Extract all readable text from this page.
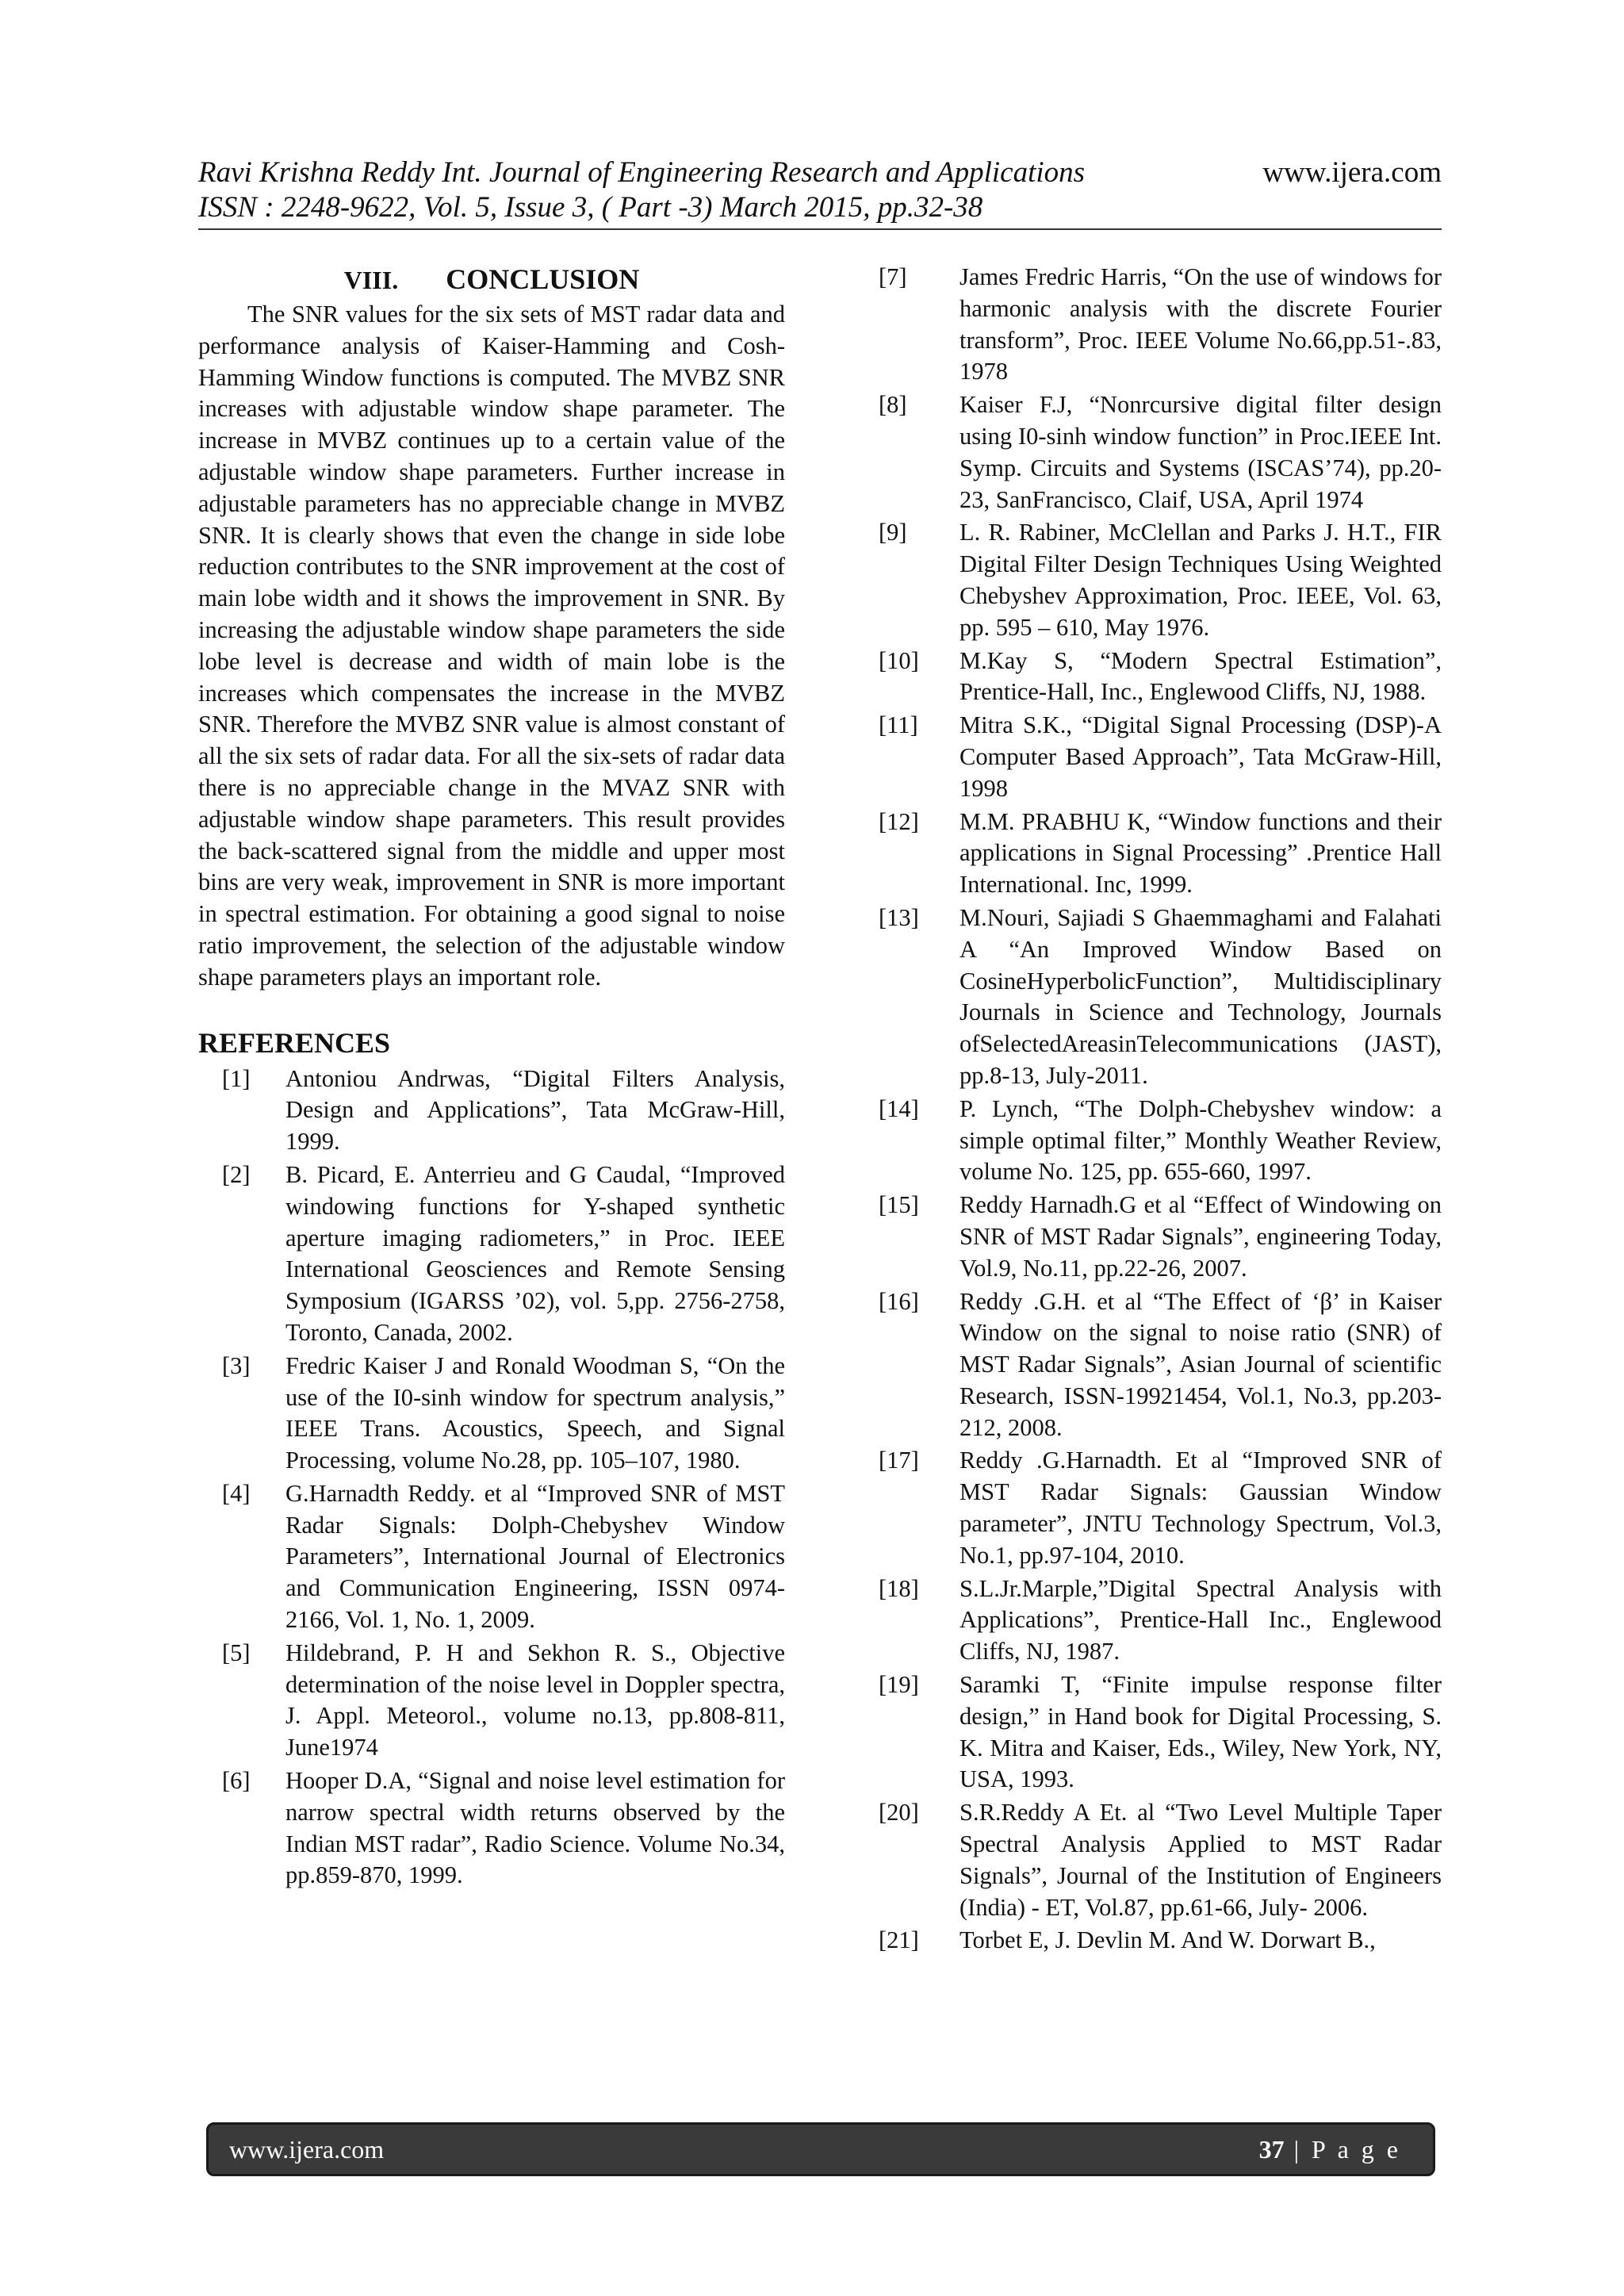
Ravi Krishna Reddy Int. Journal of Engineering Research and Applications	www.ijera.com
ISSN : 2248-9622, Vol. 5, Issue 3, ( Part -3) March 2015, pp.32-38
VIII. CONCLUSION

The SNR values for the six sets of MST radar data and performance analysis of Kaiser-Hamming and Cosh-Hamming Window functions is computed. The MVBZ SNR increases with adjustable window shape parameter. The increase in MVBZ continues up to a certain value of the adjustable window shape parameters. Further increase in adjustable parameters has no appreciable change in MVBZ SNR. It is clearly shows that even the change in side lobe reduction contributes to the SNR improvement at the cost of main lobe width and it shows the improvement in SNR. By increasing the adjustable window shape parameters the side lobe level is decrease and width of main lobe is the increases which compensates the increase in the MVBZ SNR. Therefore the MVBZ SNR value is almost constant of all the six sets of radar data. For all the six-sets of radar data there is no appreciable change in the MVAZ SNR with adjustable window shape parameters. This result provides the back-scattered signal from the middle and upper most bins are very weak, improvement in SNR is more important in spectral estimation. For obtaining a good signal to noise ratio improvement, the selection of the adjustable window shape parameters plays an important role.

REFERENCES
[1]	Antoniou Andrwas, “Digital Filters Analysis, Design and Applications”, Tata McGraw-Hill, 1999.

[2]	B. Picard, E. Anterrieu and G Caudal, “Improved windowing functions for Y-shaped synthetic aperture imaging radiometers,” in Proc. IEEE International Geosciences and Remote Sensing Symposium (IGARSS ’02), vol. 5,pp. 2756-2758, Toronto, Canada, 2002.

[3]	Fredric Kaiser J and Ronald Woodman S, “On the use of the I0-sinh window for spectrum analysis,” IEEE Trans. Acoustics, Speech, and Signal Processing, volume No.28, pp. 105–107, 1980.

[4]	G.Harnadth Reddy. et al “Improved SNR of MST Radar Signals: Dolph-Chebyshev Window Parameters”, International Journal of Electronics and Communication Engineering, ISSN 0974-2166, Vol. 1, No. 1, 2009.

[5]	Hildebrand, P. H and Sekhon R. S., Objective determination of the noise level in Doppler spectra, J. Appl. Meteorol., volume no.13, pp.808-811, June1974

[6]	Hooper D.A, “Signal and noise level estimation for narrow spectral width returns observed by the Indian MST radar”, Radio Science. Volume No.34, pp.859-870, 1999.

[7]	James Fredric Harris, “On the use of windows for harmonic analysis with the discrete Fourier transform”, Proc. IEEE Volume No.66,pp.51-.83, 1978

[8]	Kaiser F.J, “Nonrcursive digital filter design using I0-sinh window function” in Proc.IEEE Int. Symp. Circuits and Systems (ISCAS’74), pp.20-23, SanFrancisco, Claif, USA, April 1974

[9]	L. R. Rabiner, McClellan and Parks J. H.T., FIR Digital Filter Design Techniques Using Weighted Chebyshev Approximation, Proc. IEEE, Vol. 63, pp. 595 – 610, May 1976.

[10]	M.Kay S, “Modern Spectral Estimation”, Prentice-Hall, Inc., Englewood Cliffs, NJ, 1988.

[11]	Mitra S.K., “Digital Signal Processing (DSP)-A Computer Based Approach”, Tata McGraw-Hill, 1998

[12]	M.M. PRABHU K, “Window functions and their applications in Signal Processing” .Prentice Hall International. Inc, 1999.

[13]	M.Nouri, Sajiadi S Ghaemmaghami and Falahati A “An Improved Window Based on CosineHyperbolicFunction”, Multidisciplinary Journals in Science and Technology, Journals ofSelectedAreasinTelecommunications (JAST), pp.8-13, July-2011.

[14]	P. Lynch, “The Dolph-Chebyshev window: a simple optimal filter,” Monthly Weather Review, volume No. 125, pp. 655-660, 1997.

[15]	Reddy Harnadh.G et al “Effect of Windowing on SNR of MST Radar Signals”, engineering Today, Vol.9, No.11, pp.22-26, 2007.

[16]	Reddy .G.H. et al “The Effect of ‘β’ in Kaiser Window on the signal to noise ratio (SNR) of MST Radar Signals”, Asian Journal of scientific Research, ISSN-19921454, Vol.1, No.3, pp.203-212, 2008.

[17]	Reddy .G.Harnadth. Et al “Improved SNR of MST Radar Signals: Gaussian Window parameter”, JNTU Technology Spectrum, Vol.3, No.1, pp.97-104, 2010.

[18]	S.L.Jr.Marple,”Digital Spectral Analysis with Applications”, Prentice-Hall Inc., Englewood Cliffs, NJ, 1987.

[19]	Saramki T, “Finite impulse response filter design,” in Hand book for Digital Processing, S. K. Mitra and Kaiser, Eds., Wiley, New York, NY, USA, 1993.

[20]	S.R.Reddy A Et. al “Two Level Multiple Taper Spectral Analysis Applied to MST Radar Signals”, Journal of the Institution of Engineers (India) - ET, Vol.87, pp.61-66, July- 2006.

[21]	Torbet E, J. Devlin M. And W. Dorwart B.,

www.ijera.com	37 | P a g e
